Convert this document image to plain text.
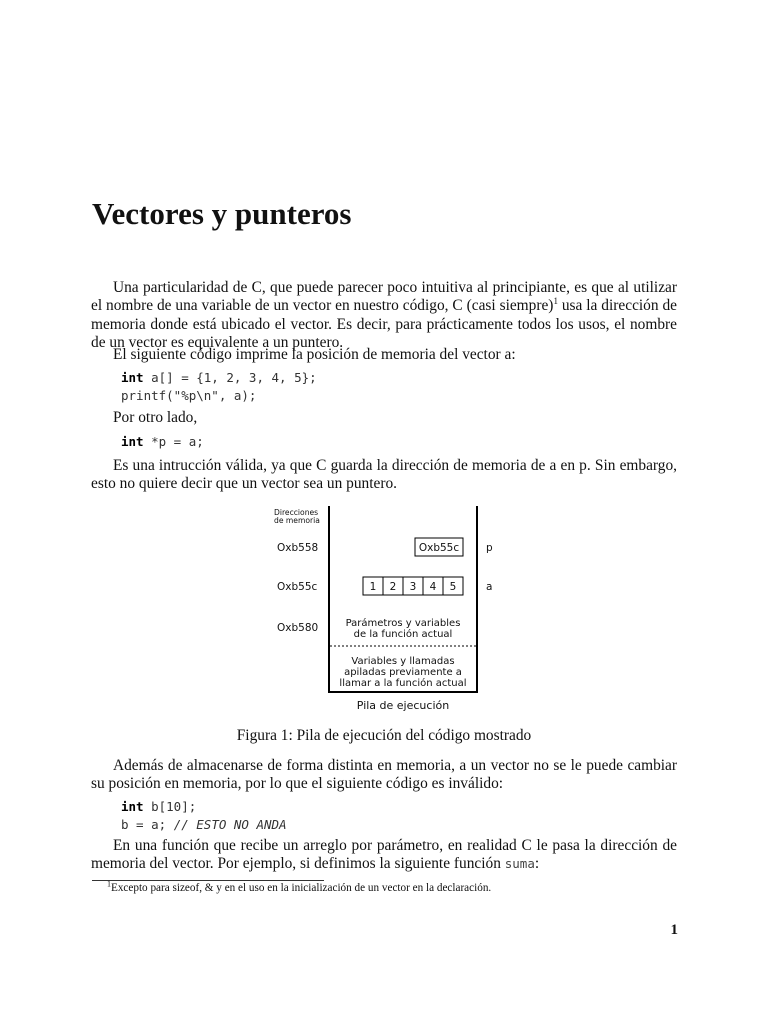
Vectores y punteros

Una particularidad de C, que puede parecer poco intuitiva al principiante, es que al utilizar el nombre de una variable de un vector en nuestro código, C (casi siempre)$^1$ usa la dirección de memoria donde está ubicado el vector. Es decir, para prácticamente todos los usos, el nombre de un vector es equivalente a un puntero.

El siguiente código imprime la posición de memoria del vector a:

int a[] = {1, 2, 3, 4, 5};
printf("%p\n", a);

Por otro lado,

int *p = a;

Es una intrucción válida, ya que C guarda la dirección de memoria de a en p. Sin embargo, esto no quiere decir que un vector sea un puntero.

Direcciones
de memoria
Oxb558
Oxb55c
Oxb580
Oxb55c	p
1 2 3 4 5	a
Parámetros y variables
de la función actual
Variables y llamadas
apiladas previamente a
llamar a la función actual
Pila de ejecución
Figura 1: Pila de ejecución del código mostrado

Además de almacenarse de forma distinta en memoria, a un vector no se le puede cambiar su posición en memoria, por lo que el siguiente código es inválido:

int b[10];
b = a; // ESTO NO ANDA

En una función que recibe un arreglo por parámetro, en realidad C le pasa la dirección de memoria del vector. Por ejemplo, si definimos la siguiente función suma:

$^1$Excepto para sizeof, & y en el uso en la inicialización de un vector en la declaración.

1
